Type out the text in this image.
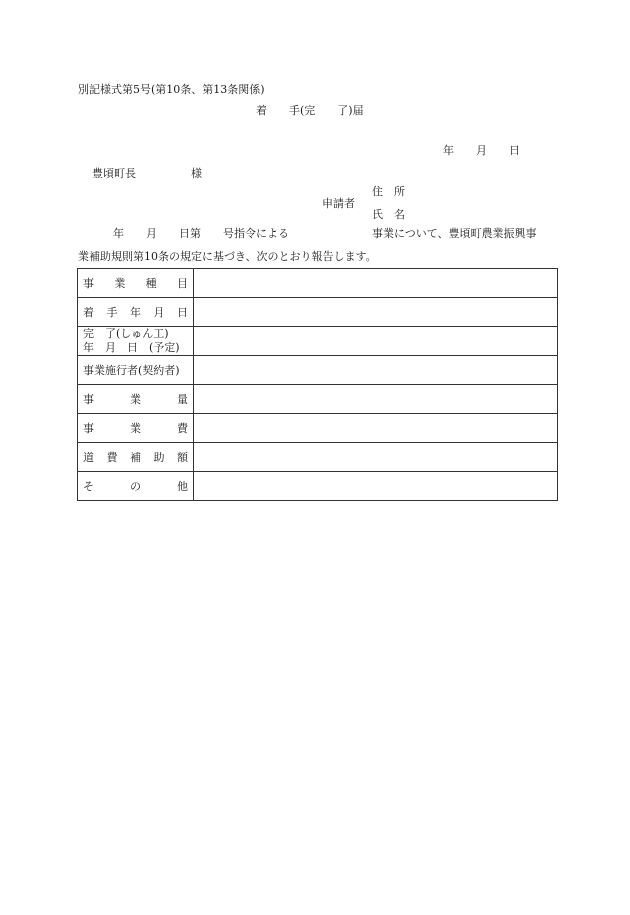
別記様式第5号(第10条、第13条関係)
着　　手(完　　了)届
年　　月　　日
豊頃町長　　　　　様
申請者
住　所
氏　名
年　　月　　日第　　号指令による	事業について、豊頃町農業振興事
業補助規則第10条の規定に基づき、次のとおり報告します。
事 業 種 目	

着 手 年 月 日	

完　了(しゅん工)
年　月　日　(予定)	

事業施行者(契約者)	

事 業 量	

事 業 費	

道 費 補 助 額	

そ の 他	
